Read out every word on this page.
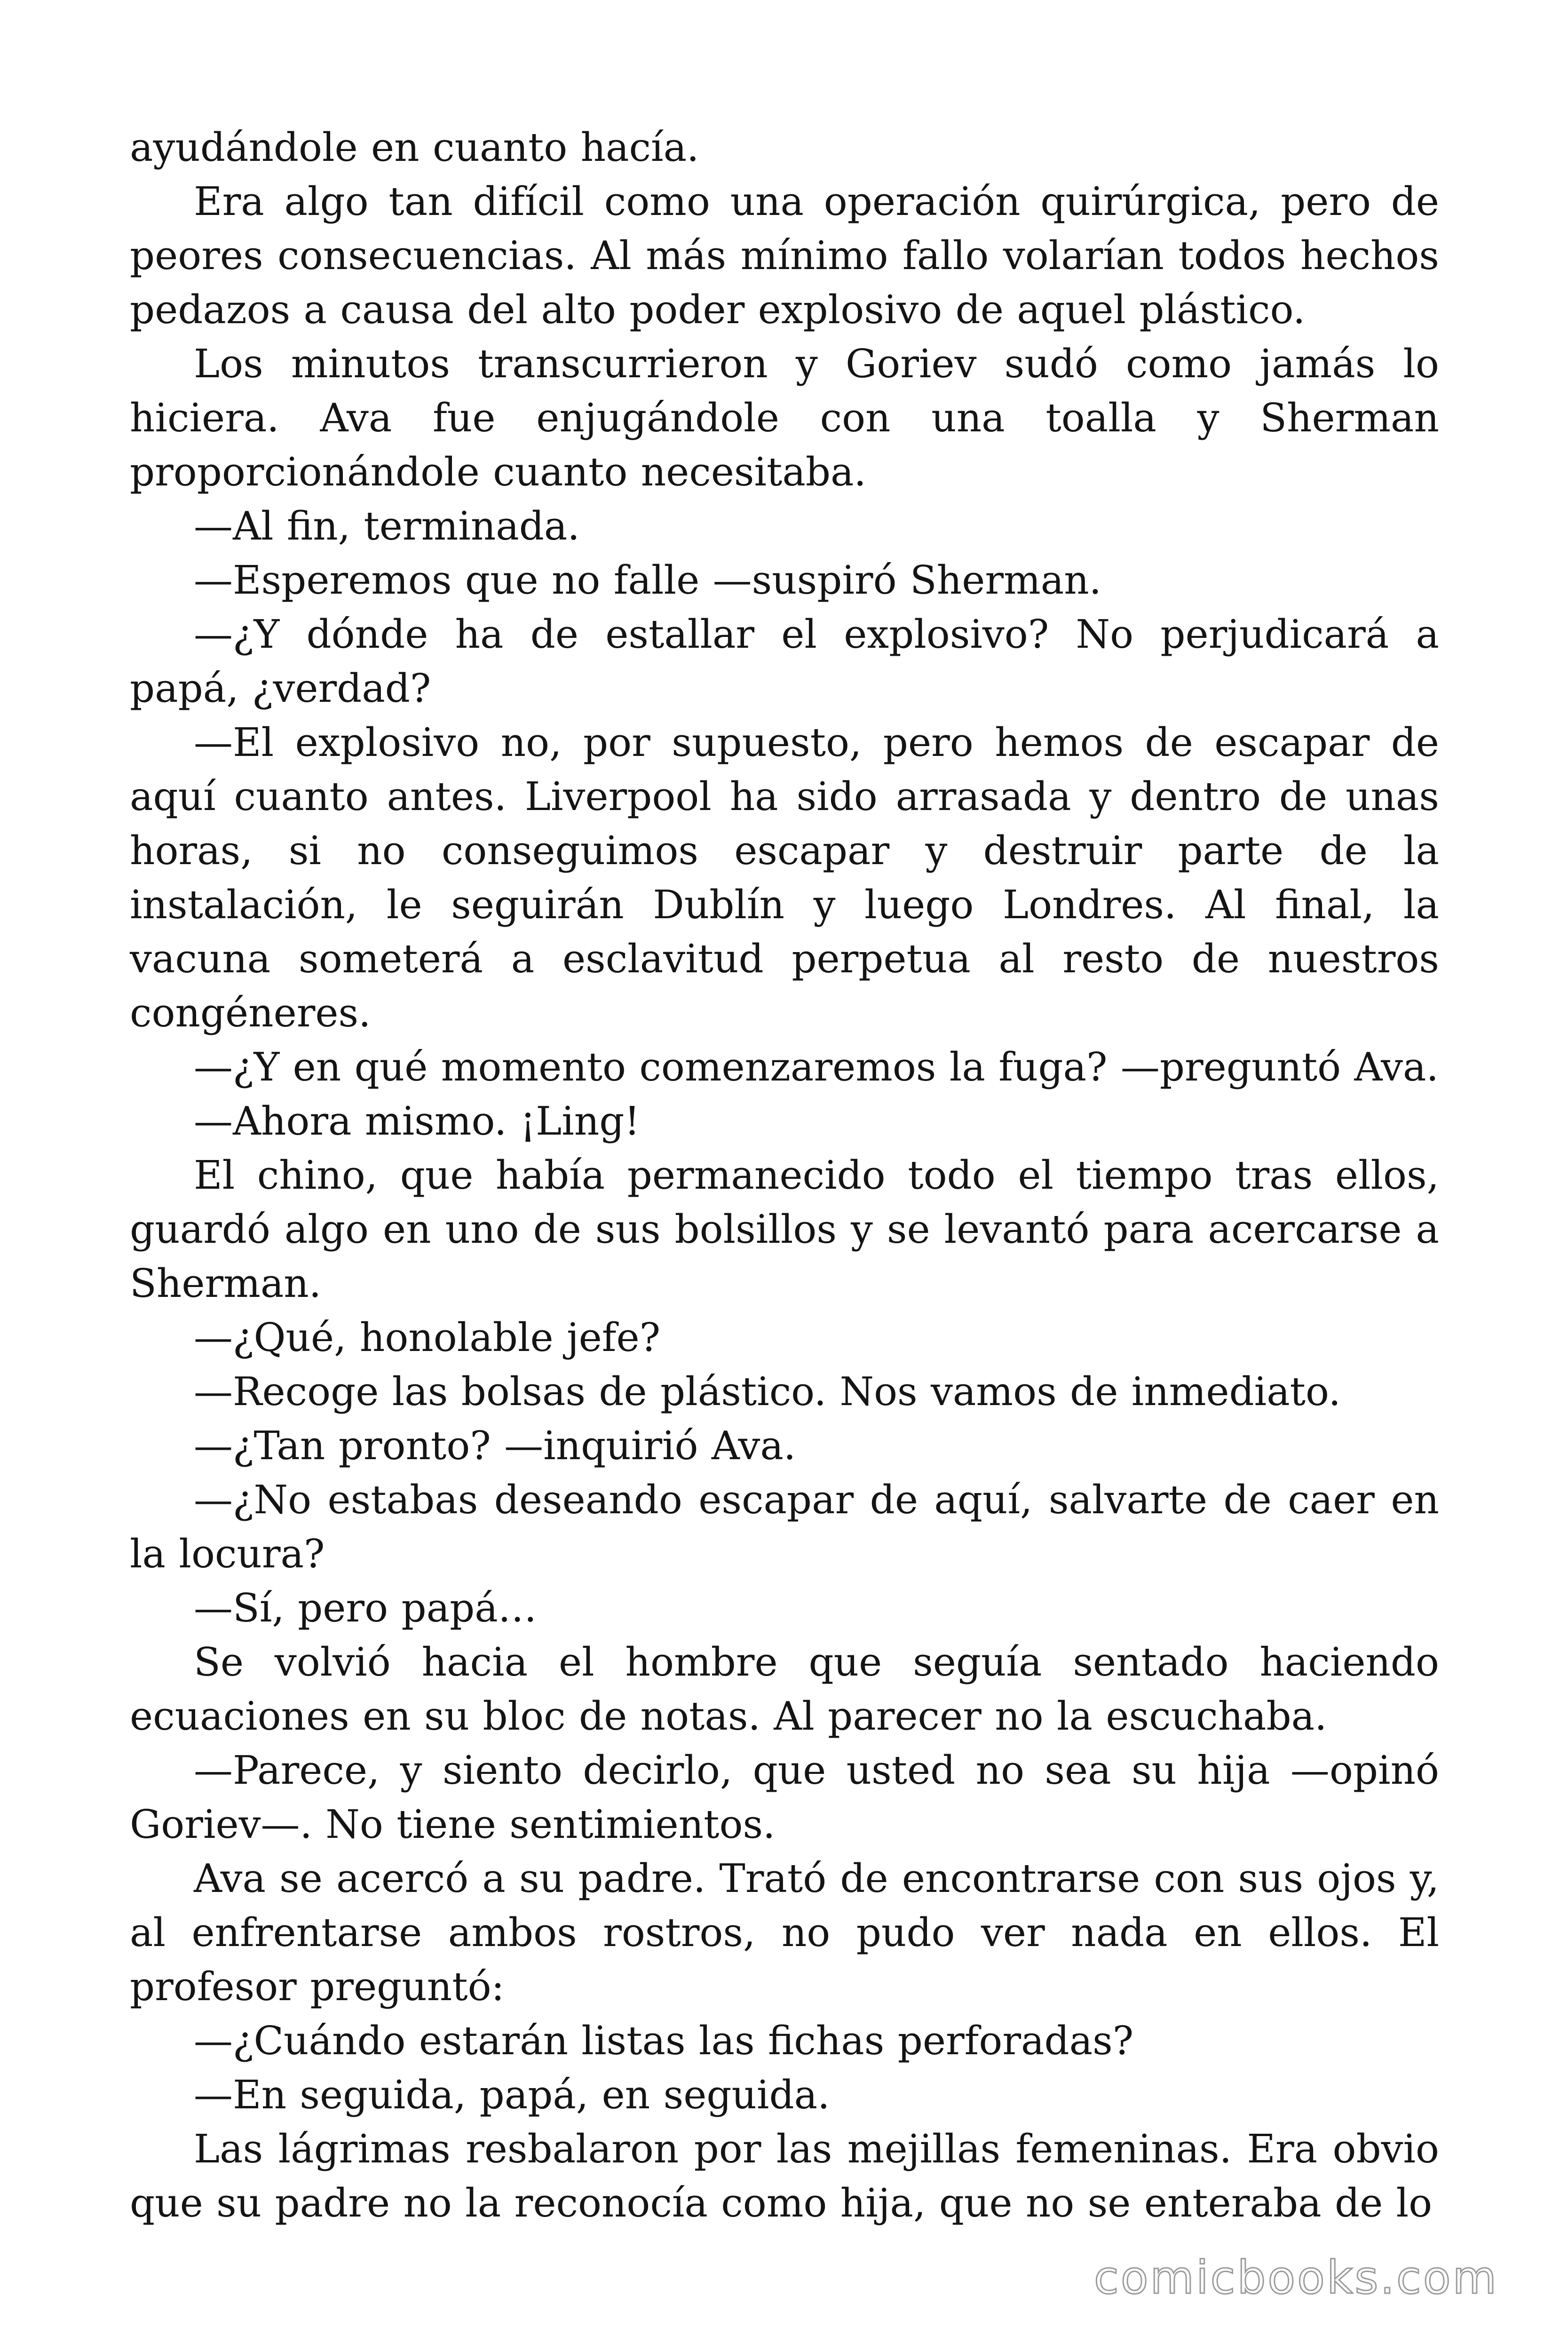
ayudándole en cuanto hacía.

Era algo tan difícil como una operación quirúrgica, pero de peores consecuencias. Al más mínimo fallo volarían todos hechos pedazos a causa del alto poder explosivo de aquel plástico.

Los minutos transcurrieron y Goriev sudó como jamás lo hiciera. Ava fue enjugándole con una toalla y Sherman proporcionándole cuanto necesitaba.

—Al fin, terminada.

—Esperemos que no falle —suspiró Sherman.

—¿Y dónde ha de estallar el explosivo? No perjudicará a papá, ¿verdad?

—El explosivo no, por supuesto, pero hemos de escapar de aquí cuanto antes. Liverpool ha sido arrasada y dentro de unas horas, si no conseguimos escapar y destruir parte de la instalación, le seguirán Dublín y luego Londres. Al final, la vacuna someterá a esclavitud perpetua al resto de nuestros congéneres.

—¿Y en qué momento comenzaremos la fuga? —preguntó Ava.

—Ahora mismo. ¡Ling!

El chino, que había permanecido todo el tiempo tras ellos, guardó algo en uno de sus bolsillos y se levantó para acercarse a Sherman.

—¿Qué, honolable jefe?

—Recoge las bolsas de plástico. Nos vamos de inmediato.

—¿Tan pronto? —inquirió Ava.

—¿No estabas deseando escapar de aquí, salvarte de caer en la locura?

—Sí, pero papá…

Se volvió hacia el hombre que seguía sentado haciendo ecuaciones en su bloc de notas. Al parecer no la escuchaba.

—Parece, y siento decirlo, que usted no sea su hija —opinó Goriev—. No tiene sentimientos.

Ava se acercó a su padre. Trató de encontrarse con sus ojos y, al enfrentarse ambos rostros, no pudo ver nada en ellos. El profesor preguntó:

—¿Cuándo estarán listas las fichas perforadas?

—En seguida, papá, en seguida.

Las lágrimas resbalaron por las mejillas femeninas. Era obvio que su padre no la reconocía como hija, que no se enteraba de lo

comicbooks.com
